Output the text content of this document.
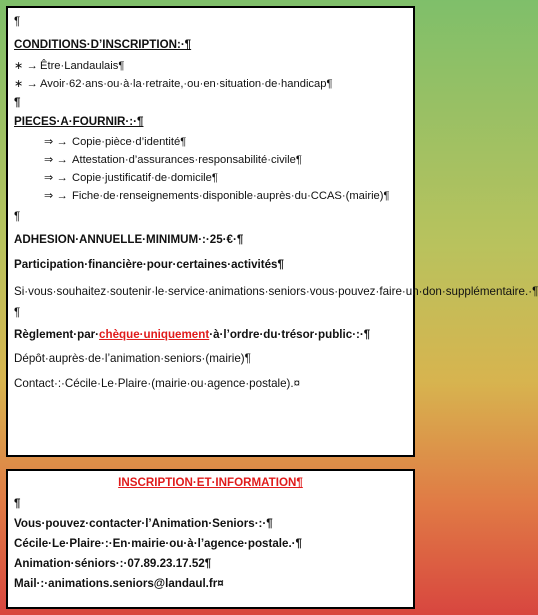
¶
CONDITIONS·D’INSCRIPTION:·¶
∗ → Être·Landaulais¶
∗ → Avoir·62·ans·ou·à·la·retraite,·ou·en·situation·de·handicap¶
¶
PIECES·A·FOURNIR·:·¶
⇒ → Copie·pièce·d’identité¶
⇒ → Attestation·d’assurances·responsabilité·civile¶
⇒ → Copie·justificatif·de·domicile¶
⇒ → Fiche·de·renseignements·disponible·auprès·du·CCAS·(mairie)¶
¶
ADHESION·ANNUELLE·MINIMUM·:·25·€·¶
Participation·financière·pour·certaines·activités¶
Si·vous·souhaitez·soutenir·le·service·animations·seniors·vous·pouvez·faire·un·don·supplémentaire.·¶
¶
Règlement·par·chèque·uniquement·à·l’ordre·du·trésor·public·:·¶
Dépôt·auprès·de·l’animation·seniors·(mairie)¶
Contact·:·Cécile·Le·Plaire·(mairie·ou·agence·postale).¤
INSCRIPTION·ET·INFORMATION¶
¶
Vous·pouvez·contacter·l’Animation·Seniors·:·¶
Cécile·Le·Plaire·:·En·mairie·ou·à·l’agence·postale.·¶
Animation·séniors·:·07.89.23.17.52¶
Mail·:·animations.seniors@landaul.fr¤
